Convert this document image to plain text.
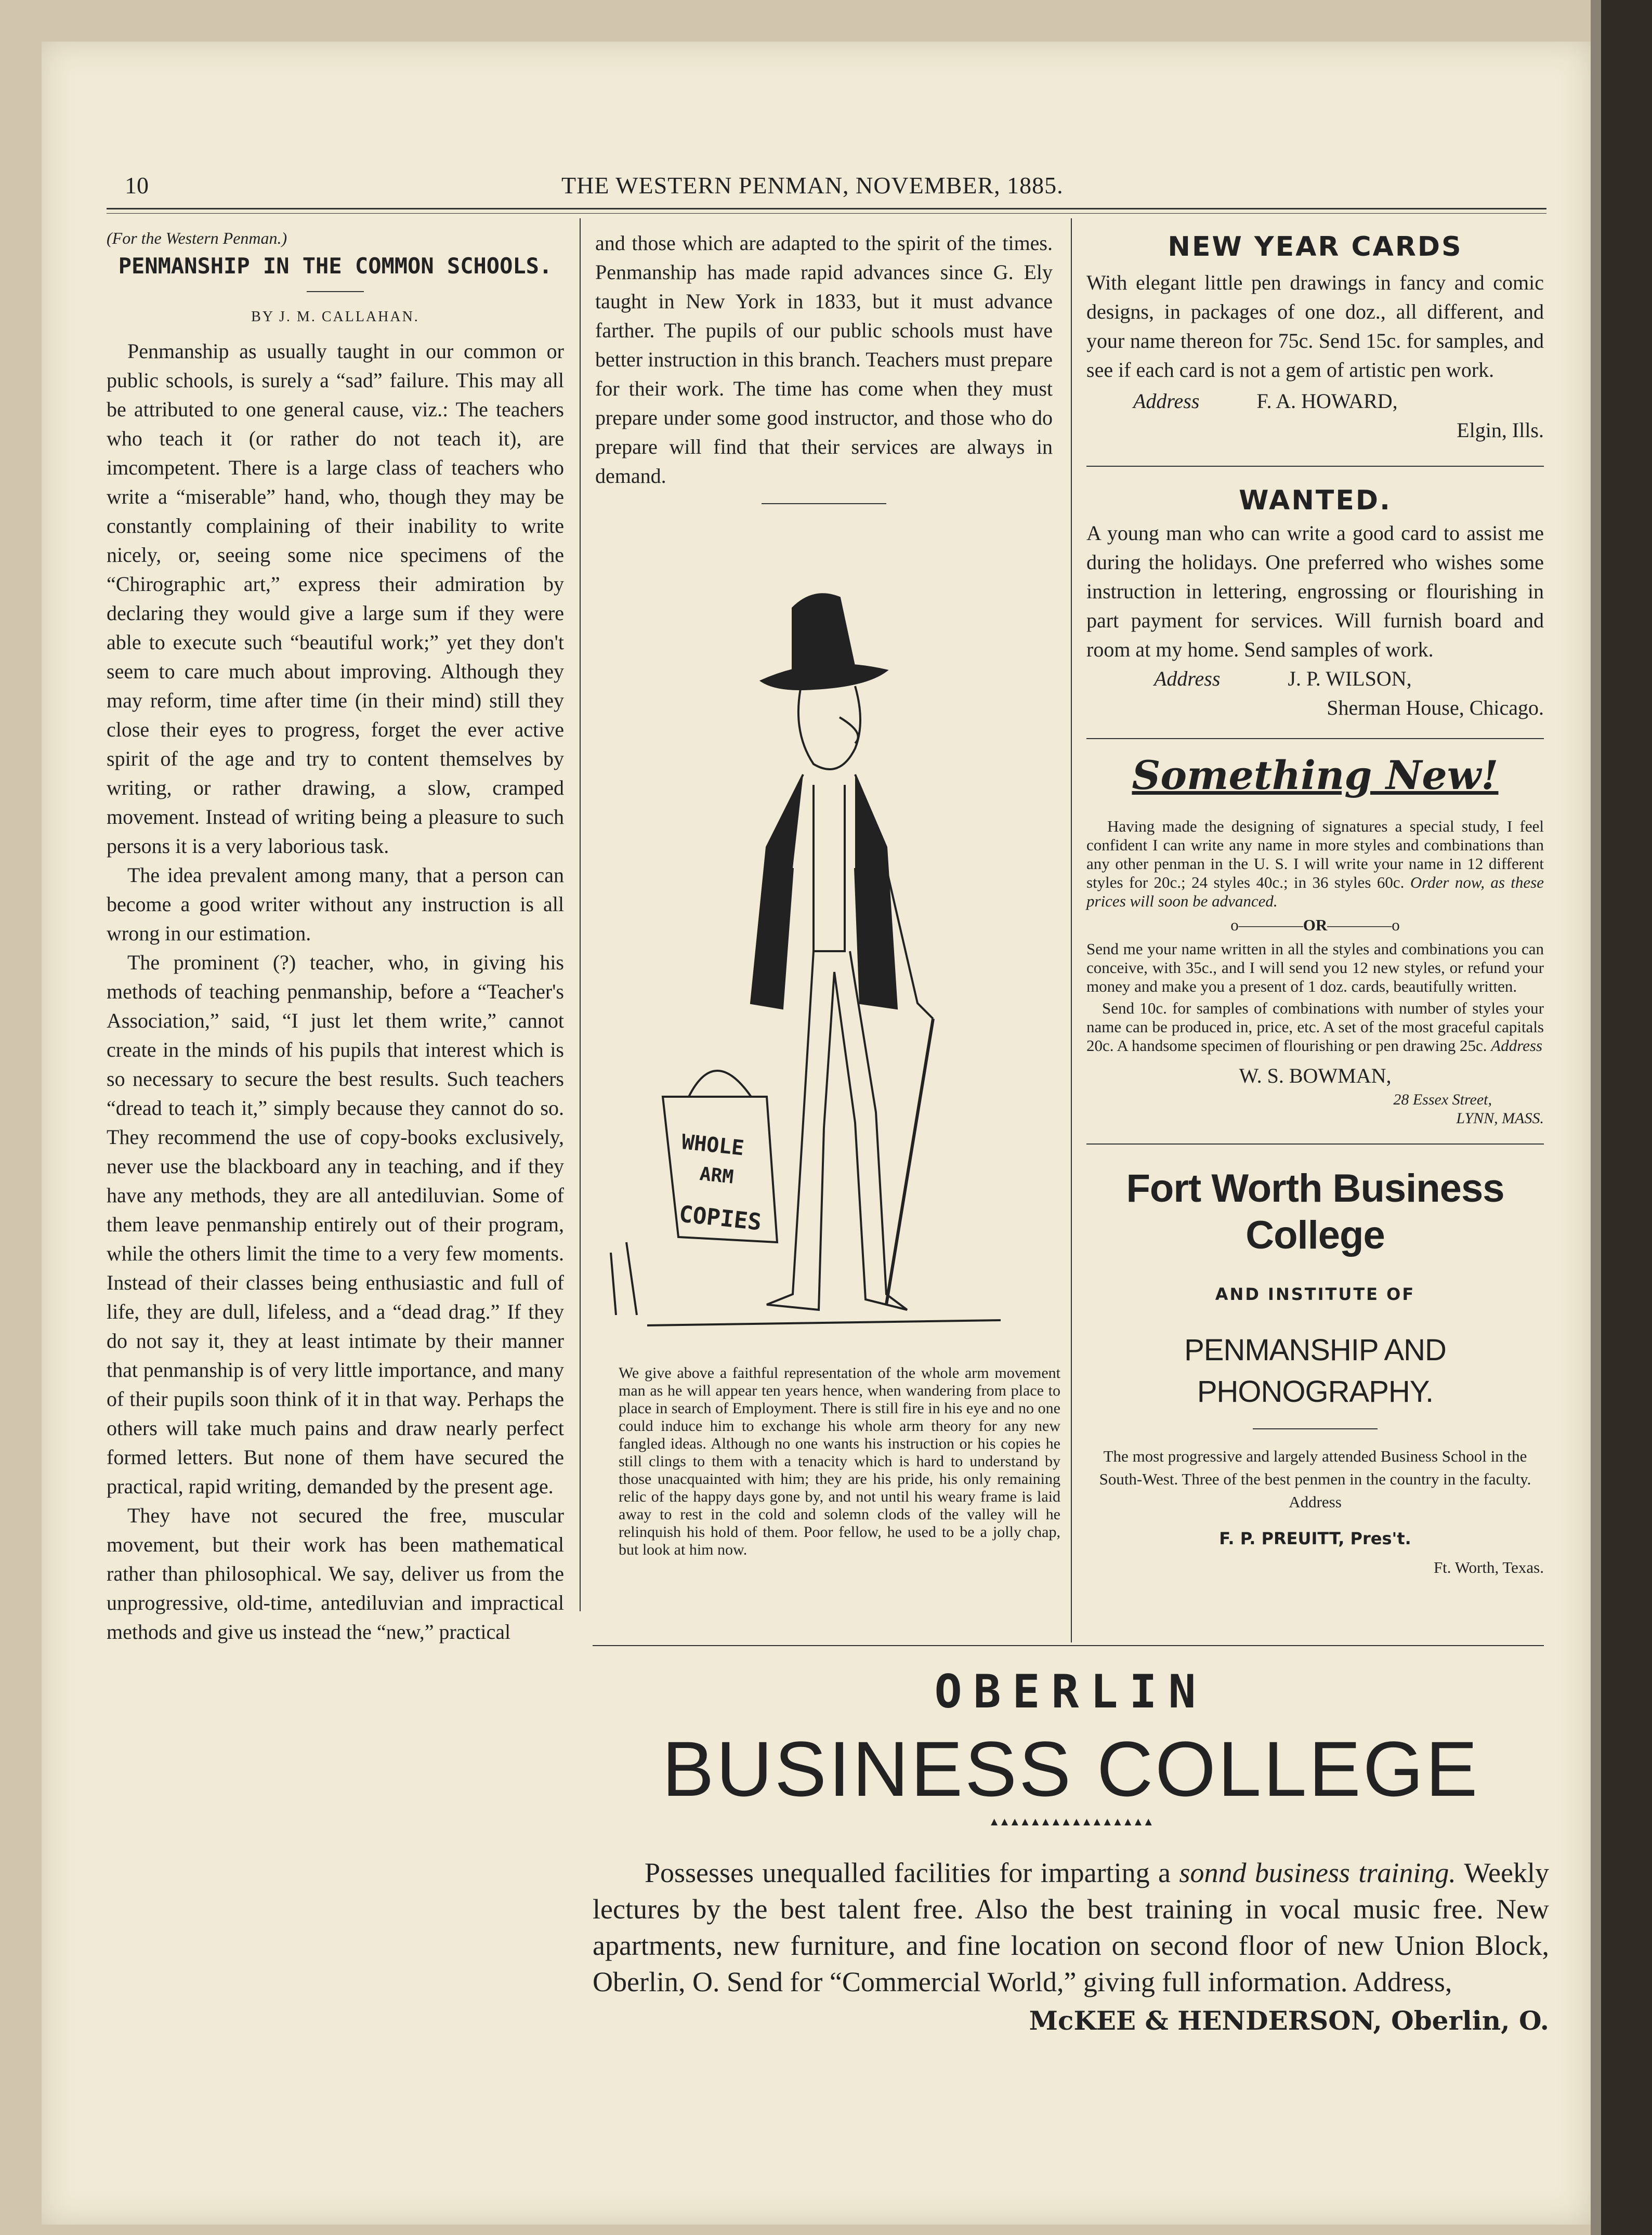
10	THE WESTERN PENMAN, NOVEMBER, 1885.
(For the Western Penman.)
PENMANSHIP IN THE COMMON SCHOOLS.
BY J. M. CALLAHAN.

Penmanship as usually taught in our common or public schools, is surely a “sad” failure. This may all be attributed to one general cause, viz.: The teachers who teach it (or rather do not teach it), are imcompetent. There is a large class of teachers who write a “miserable” hand, who, though they may be constantly complaining of their inability to write nicely, or, seeing some nice specimens of the “Chirographic art,” express their admiration by declaring they would give a large sum if they were able to execute such “beautiful work;” yet they don't seem to care much about improving. Although they may reform, time after time (in their mind) still they close their eyes to progress, forget the ever active spirit of the age and try to content themselves by writing, or rather drawing, a slow, cramped movement. Instead of writing being a pleasure to such persons it is a very laborious task.

The idea prevalent among many, that a person can become a good writer without any instruction is all wrong in our estimation.

The prominent (?) teacher, who, in giving his methods of teaching penmanship, before a “Teacher's Association,” said, “I just let them write,” cannot create in the minds of his pupils that interest which is so necessary to secure the best results. Such teachers “dread to teach it,” simply because they cannot do so. They recommend the use of copy-books exclusively, never use the blackboard any in teaching, and if they have any methods, they are all antediluvian. Some of them leave penmanship entirely out of their program, while the others limit the time to a very few moments. Instead of their classes being enthusiastic and full of life, they are dull, lifeless, and a “dead drag.” If they do not say it, they at least intimate by their manner that penmanship is of very little importance, and many of their pupils soon think of it in that way. Perhaps the others will take much pains and draw nearly perfect formed letters. But none of them have secured the practical, rapid writing, demanded by the present age.

They have not secured the free, muscular movement, but their work has been mathematical rather than philosophical. We say, deliver us from the unprogressive, old-time, antediluvian and impractical methods and give us instead the “new,” practical

and those which are adapted to the spirit of the times. Penmanship has made rapid advances since G. Ely taught in New York in 1833, but it must advance farther. The pupils of our public schools must have better instruction in this branch. Teachers must prepare for their work. The time has come when they must prepare under some good instructor, and those who do prepare will find that their services are always in demand.

WHOLE
ARM
COPIES
We give above a faithful representation of the whole arm movement man as he will appear ten years hence, when wandering from place to place in search of Employment. There is still fire in his eye and no one could induce him to exchange his whole arm theory for any new fangled ideas. Although no one wants his instruction or his copies he still clings to them with a tenacity which is hard to understand by those unacquainted with him; they are his pride, his only remaining relic of the happy days gone by, and not until his weary frame is laid away to rest in the cold and solemn clods of the valley will he relinquish his hold of them. Poor fellow, he used to be a jolly chap, but look at him now.
NEW YEAR CARDS

With elegant little pen drawings in fancy and comic designs, in packages of one doz., all different, and your name thereon for 75c. Send 15c. for samples, and see if each card is not a gem of artistic pen work.

Address	F. A. HOWARD,
Elgin, Ills.
WANTED.

A young man who can write a good card to assist me during the holidays. One preferred who wishes some instruction in lettering, engrossing or flourishing in part payment for services. Will furnish board and room at my home. Send samples of work.

Address	J. P. WILSON,
Sherman House, Chicago.
Something New!
Having made the designing of signatures a special study, I feel confident I can write any name in more styles and combinations than any other penman in the U. S. I will write your name in 12 different styles for 20c.; 24 styles 40c.; in 36 styles 60c. Order now, as these prices will soon be advanced.
o————OR————o
Send me your name written in all the styles and combinations you can conceive, with 35c., and I will send you 12 new styles, or refund your money and make you a present of 1 doz. cards, beautifully written.
Send 10c. for samples of combinations with number of styles your name can be produced in, price, etc. A set of the most graceful capitals 20c. A handsome specimen of flourishing or pen drawing 25c. Address
W. S. BOWMAN,
28 Essex Street,
LYNN, MASS.
Fort Worth Business College
AND INSTITUTE OF
PENMANSHIP AND PHONOGRAPHY.
The most progressive and largely attended Business School in the South-West. Three of the best penmen in the country in the faculty. Address
F. P. PREUITT, Pres't.
Ft. Worth, Texas.
OBERLIN
BUSINESS COLLEGE
▲▲▲▲▲▲▲▲▲▲▲▲▲▲▲▲
Possesses unequalled facilities for imparting a sonnd business training. Weekly lectures by the best talent free. Also the best training in vocal music free. New apartments, new furniture, and fine location on second floor of new Union Block, Oberlin, O. Send for “Commercial World,” giving full information. Address,
McKEE & HENDERSON, Oberlin, O.
